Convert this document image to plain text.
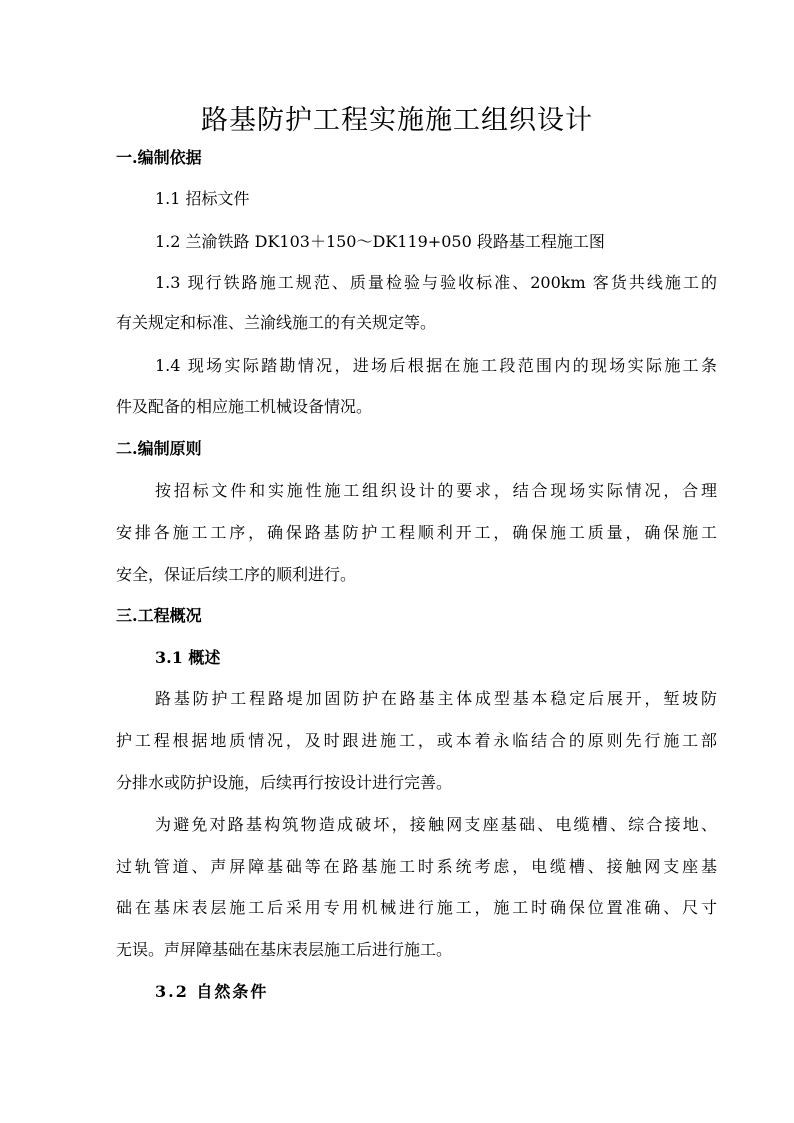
路基防护工程实施施工组织设计
一.编制依据
1.1 招标文件
1.2 兰渝铁路 DK103＋150～DK119+050 段路基工程施工图
1.3 现行铁路施工规范、质量检验与验收标准、200km 客货共线施工的
有关规定和标准、兰渝线施工的有关规定等。
1.4 现场实际踏勘情况，进场后根据在施工段范围内的现场实际施工条
件及配备的相应施工机械设备情况。
二.编制原则
按招标文件和实施性施工组织设计的要求，结合现场实际情况，合理
安排各施工工序，确保路基防护工程顺利开工，确保施工质量，确保施工
安全，保证后续工序的顺利进行。
三.工程概况
3.1 概述
路基防护工程路堤加固防护在路基主体成型基本稳定后展开，堑坡防
护工程根据地质情况，及时跟进施工，或本着永临结合的原则先行施工部
分排水或防护设施，后续再行按设计进行完善。
为避免对路基构筑物造成破坏，接触网支座基础、电缆槽、综合接地、
过轨管道、声屏障基础等在路基施工时系统考虑，电缆槽、接触网支座基
础在基床表层施工后采用专用机械进行施工，施工时确保位置准确、尺寸
无误。声屏障基础在基床表层施工后进行施工。
3.2 自然条件
